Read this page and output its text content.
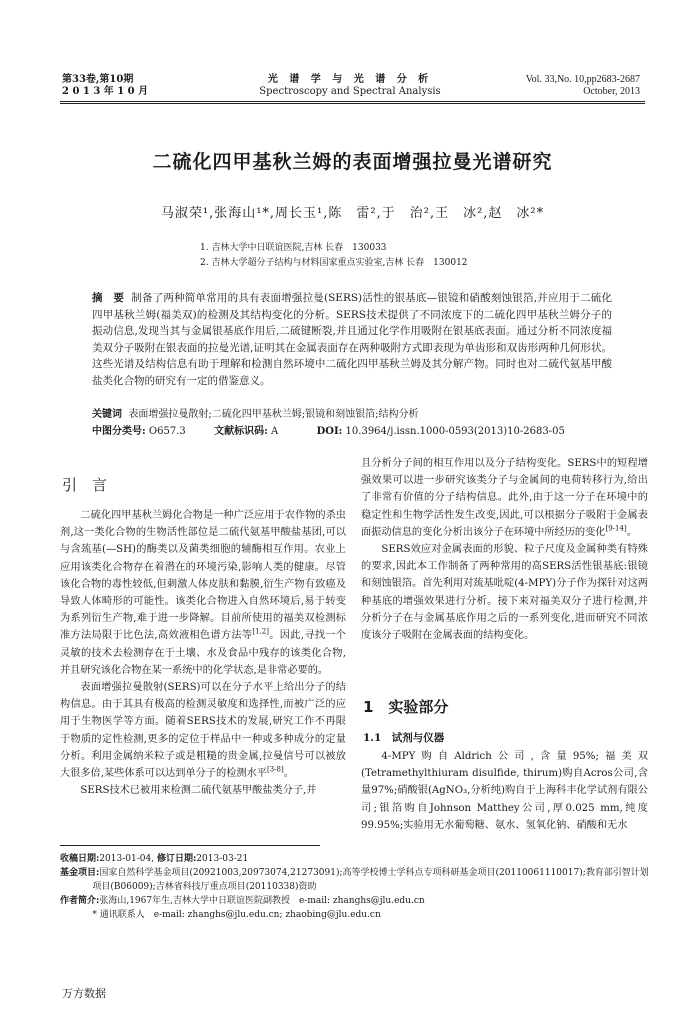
第33卷,第10期
2 0 1 3 年 1 0 月
光 谱 学 与 光 谱 分 析
Spectroscopy and Spectral Analysis
Vol. 33,No. 10,pp2683-2687
October, 2013
二硫化四甲基秋兰姆的表面增强拉曼光谱研究
马淑荣¹,张海山¹*,周长玉¹,陈　雷²,于　治²,王　冰²,赵　冰²*
1. 吉林大学中日联谊医院,吉林 长春　130033
2. 吉林大学超分子结构与材料国家重点实验室,吉林 长春　130012
摘　要 制备了两种简单常用的具有表面增强拉曼(SERS)活性的银基底—银镜和硝酸刻蚀银箔,并应用于二硫化四甲基秋兰姆(福美双)的检测及其结构变化的分析。SERS技术提供了不同浓度下的二硫化四甲基秋兰姆分子的振动信息,发现当其与金属银基底作用后,二硫键断裂,并且通过化学作用吸附在银基底表面。通过分析不同浓度福美双分子吸附在银表面的拉曼光谱,证明其在金属表面存在两种吸附方式即表现为单齿形和双齿形两种几何形状。这些光谱及结构信息有助于理解和检测自然环境中二硫化四甲基秋兰姆及其分解产物。同时也对二硫代氨基甲酸盐类化合物的研究有一定的借鉴意义。
关键词 表面增强拉曼散射;二硫化四甲基秋兰姆;银镜和刻蚀银箔;结构分析
中图分类号: O657.3	文献标识码: A	DOI: 10.3964/j.issn.1000-0593(2013)10-2683-05
引　言

二硫化四甲基秋兰姆化合物是一种广泛应用于农作物的杀虫剂,这一类化合物的生物活性部位是二硫代氨基甲酸盐基团,可以与含巯基(—SH)的酶类以及菌类细胞的辅酶相互作用。农业上应用该类化合物存在着潜在的环境污染,影响人类的健康。尽管该化合物的毒性较低,但刺激人体皮肤和黏膜,衍生产物有致癌及导致人体畸形的可能性。该类化合物进入自然环境后,易于转变为系列衍生产物,难于进一步降解。目前所使用的福美双检测标准方法局限于比色法,高效液相色谱方法等[1,2]。因此,寻找一个灵敏的技术去检测存在于土壤、水及食品中残存的该类化合物,并且研究该化合物在某一系统中的化学状态,是非常必要的。

表面增强拉曼散射(SERS)可以在分子水平上给出分子的结构信息。由于其具有极高的检测灵敏度和选择性,而被广泛的应用于生物医学等方面。随着SERS技术的发展,研究工作不再限于物质的定性检测,更多的定位于样品中一种或多种成分的定量分析。利用金属纳米粒子或是粗糙的贵金属,拉曼信号可以被放大很多倍,某些体系可以达到单分子的检测水平[3-8]。

SERS技术已被用来检测二硫代氨基甲酸盐类分子,并

且分析分子间的相互作用以及分子结构变化。SERS中的短程增强效果可以进一步研究该类分子与金属间的电荷转移行为,给出了非常有价值的分子结构信息。此外,由于这一分子在环境中的稳定性和生物学活性发生改变,因此,可以根据分子吸附于金属表面振动信息的变化分析出该分子在环境中所经历的变化[9-14]。

SERS效应对金属表面的形貌、粒子尺度及金属种类有特殊的要求,因此本工作制备了两种常用的高SERS活性银基底:银镜和刻蚀银箔。首先利用对巯基吡啶(4-MPY)分子作为探针对这两种基底的增强效果进行分析。接下来对福美双分子进行检测,并分析分子在与金属基底作用之后的一系列变化,进而研究不同浓度该分子吸附在金属表面的结构变化。

1　实验部分
1.1　试剂与仪器

4-MPY购自Aldrich公司,含量95%;福美双(Tetramethylthiuram disulfide, thirum)购自Acros公司,含量97%;硝酸银(AgNO₃,分析纯)购自于上海科丰化学试剂有限公司;银箔购自Johnson Matthey公司,厚0.025 mm,纯度99.95%;实验用无水葡萄糖、氨水、氢氧化钠、硝酸和无水

收稿日期:2013-01-04, 修订日期:2013-03-21
基金项目:国家自然科学基金项目(20921003,20973074,21273091);高等学校博士学科点专项科研基金项目(20110061110017);教育部引智计划项目(B06009);吉林省科技厅重点项目(20110338)资助
作者简介:张海山,1967年生,吉林大学中日联谊医院副教授　e-mail: zhanghs@jlu.edu.cn
* 通讯联系人　e-mail: zhanghs@jlu.edu.cn; zhaobing@jlu.edu.cn
万方数据
